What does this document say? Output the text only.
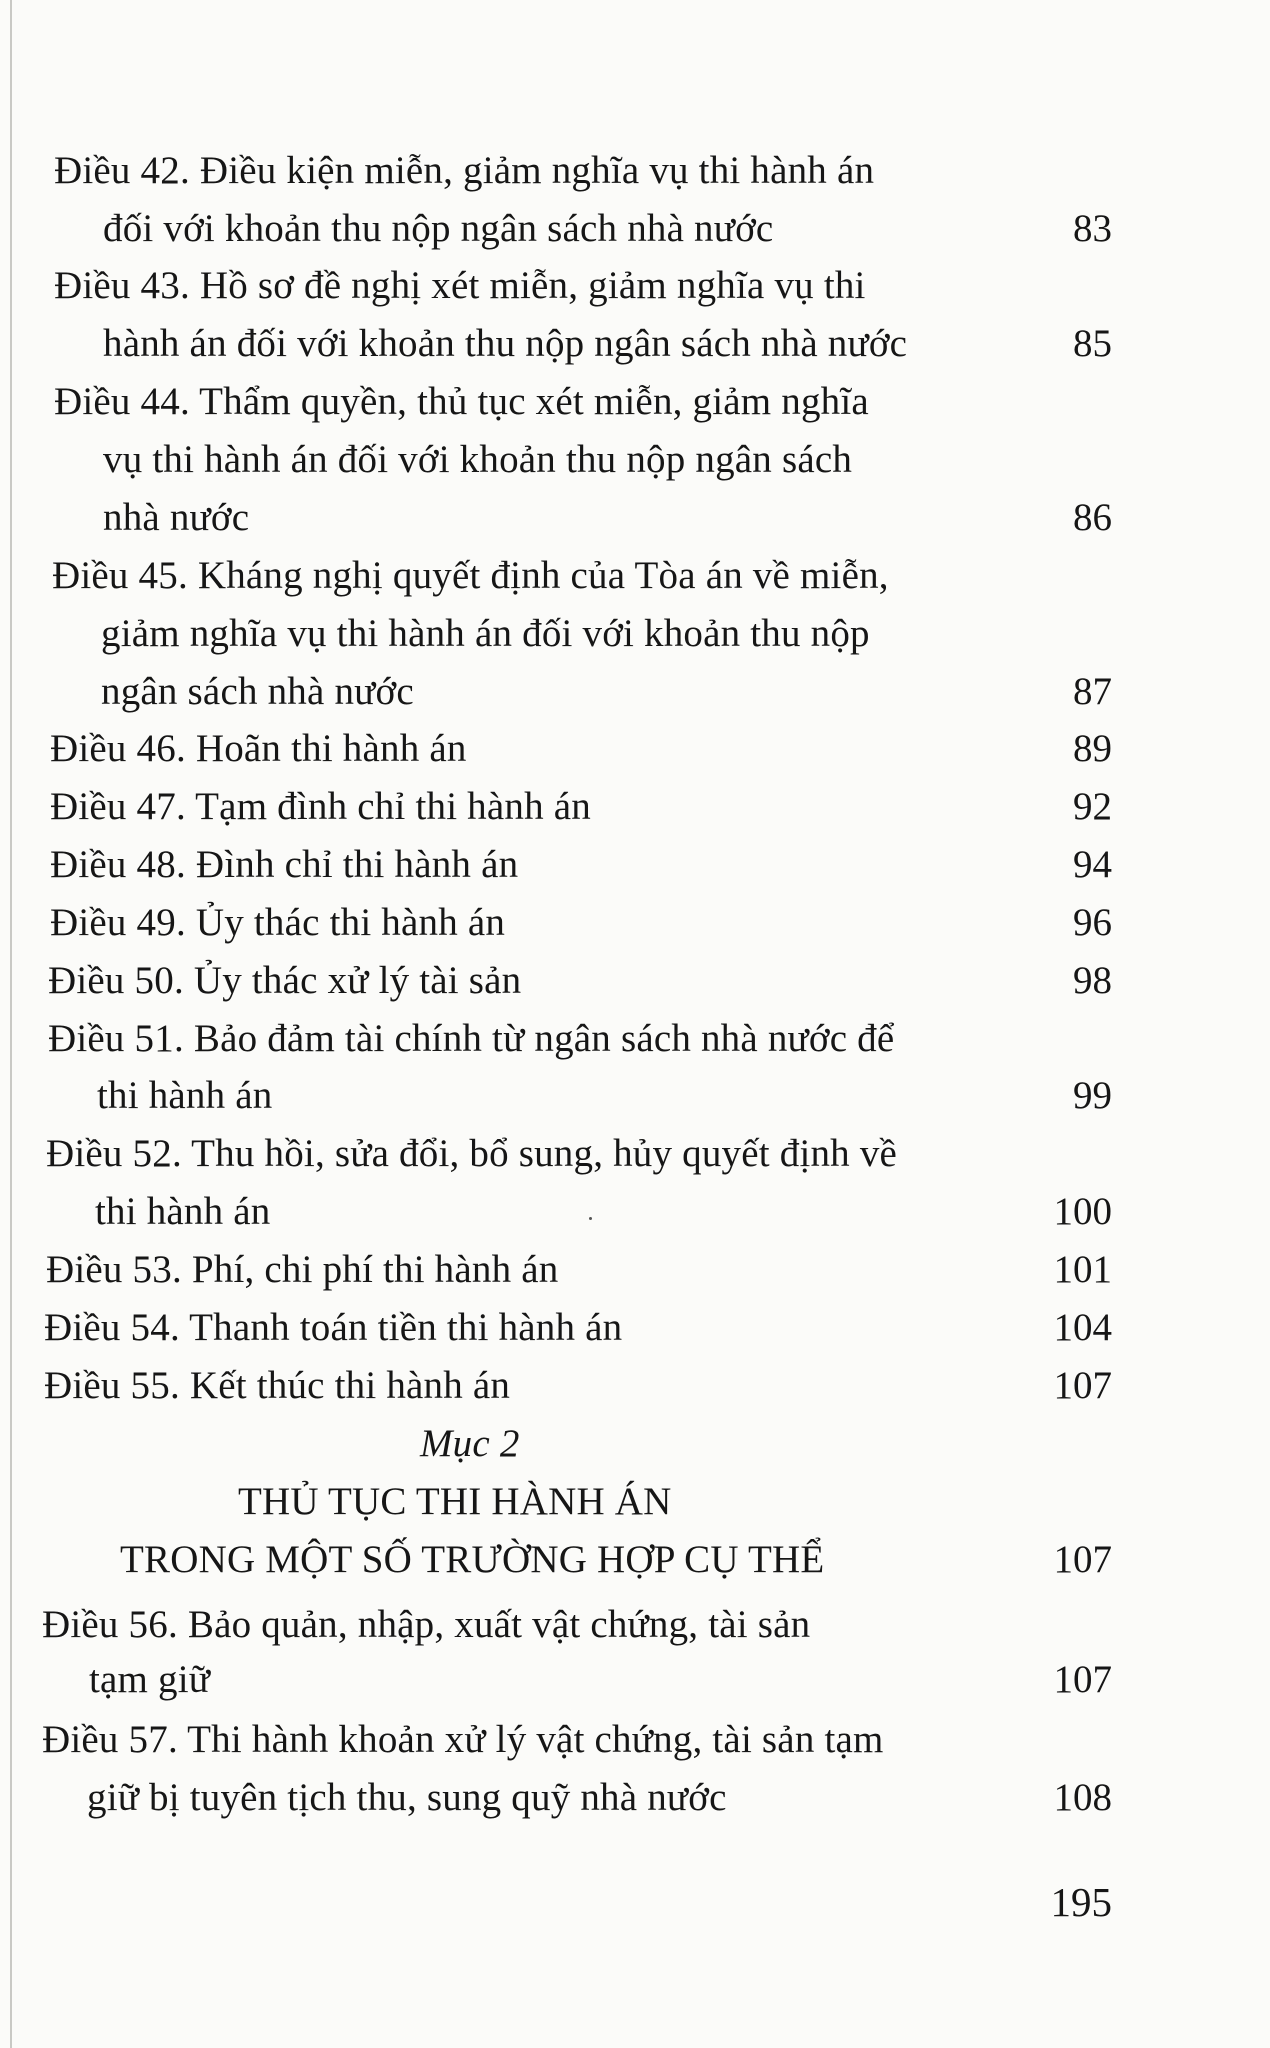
Điều 42. Điều kiện miễn, giảm nghĩa vụ thi hành án
đối với khoản thu nộp ngân sách nhà nước	83
Điều 43. Hồ sơ đề nghị xét miễn, giảm nghĩa vụ thi
hành án đối với khoản thu nộp ngân sách nhà nước	85
Điều 44. Thẩm quyền, thủ tục xét miễn, giảm nghĩa
vụ thi hành án đối với khoản thu nộp ngân sách
nhà nước	86
Điều 45. Kháng nghị quyết định của Tòa án về miễn,
giảm nghĩa vụ thi hành án đối với khoản thu nộp
ngân sách nhà nước	87
Điều 46. Hoãn thi hành án	89
Điều 47. Tạm đình chỉ thi hành án	92
Điều 48. Đình chỉ thi hành án	94
Điều 49. Ủy thác thi hành án	96
Điều 50. Ủy thác xử lý tài sản	98
Điều 51. Bảo đảm tài chính từ ngân sách nhà nước để
thi hành án	99
Điều 52. Thu hồi, sửa đổi, bổ sung, hủy quyết định về
thi hành án	100
Điều 53. Phí, chi phí thi hành án	101
Điều 54. Thanh toán tiền thi hành án	104
Điều 55. Kết thúc thi hành án	107
Mục 2
THỦ TỤC THI HÀNH ÁN
TRONG MỘT SỐ TRƯỜNG HỢP CỤ THỂ	107
Điều 56. Bảo quản, nhập, xuất vật chứng, tài sản
tạm giữ	107
Điều 57. Thi hành khoản xử lý vật chứng, tài sản tạm
giữ bị tuyên tịch thu, sung quỹ nhà nước	108
195
